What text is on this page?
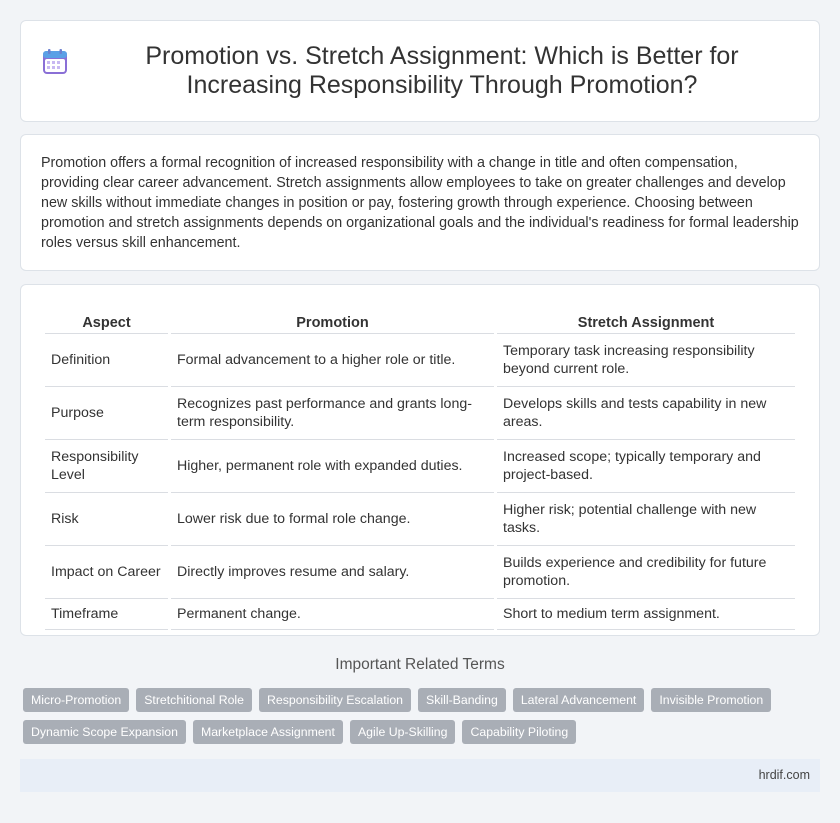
Promotion vs. Stretch Assignment: Which is Better for Increasing Responsibility Through Promotion?

Promotion offers a formal recognition of increased responsibility with a change in title and often compensation, providing clear career advancement. Stretch assignments allow employees to take on greater challenges and develop new skills without immediate changes in position or pay, fostering growth through experience. Choosing between promotion and stretch assignments depends on organizational goals and the individual's readiness for formal leadership roles versus skill enhancement.

Aspect	Promotion	Stretch Assignment
Definition	Formal advancement to a higher role or title.	Temporary task increasing responsibility beyond current role.
Purpose	Recognizes past performance and grants long-term responsibility.	Develops skills and tests capability in new areas.
Responsibility Level	Higher, permanent role with expanded duties.	Increased scope; typically temporary and project-based.
Risk	Lower risk due to formal role change.	Higher risk; potential challenge with new tasks.
Impact on Career	Directly improves resume and salary.	Builds experience and credibility for future promotion.
Timeframe	Permanent change.	Short to medium term assignment.
Important Related Terms
Micro-Promotion	Stretchitional Role	Responsibility Escalation	Skill-Banding	Lateral Advancement	Invisible Promotion
Dynamic Scope Expansion	Marketplace Assignment	Agile Up-Skilling	Capability Piloting
hrdif.com
